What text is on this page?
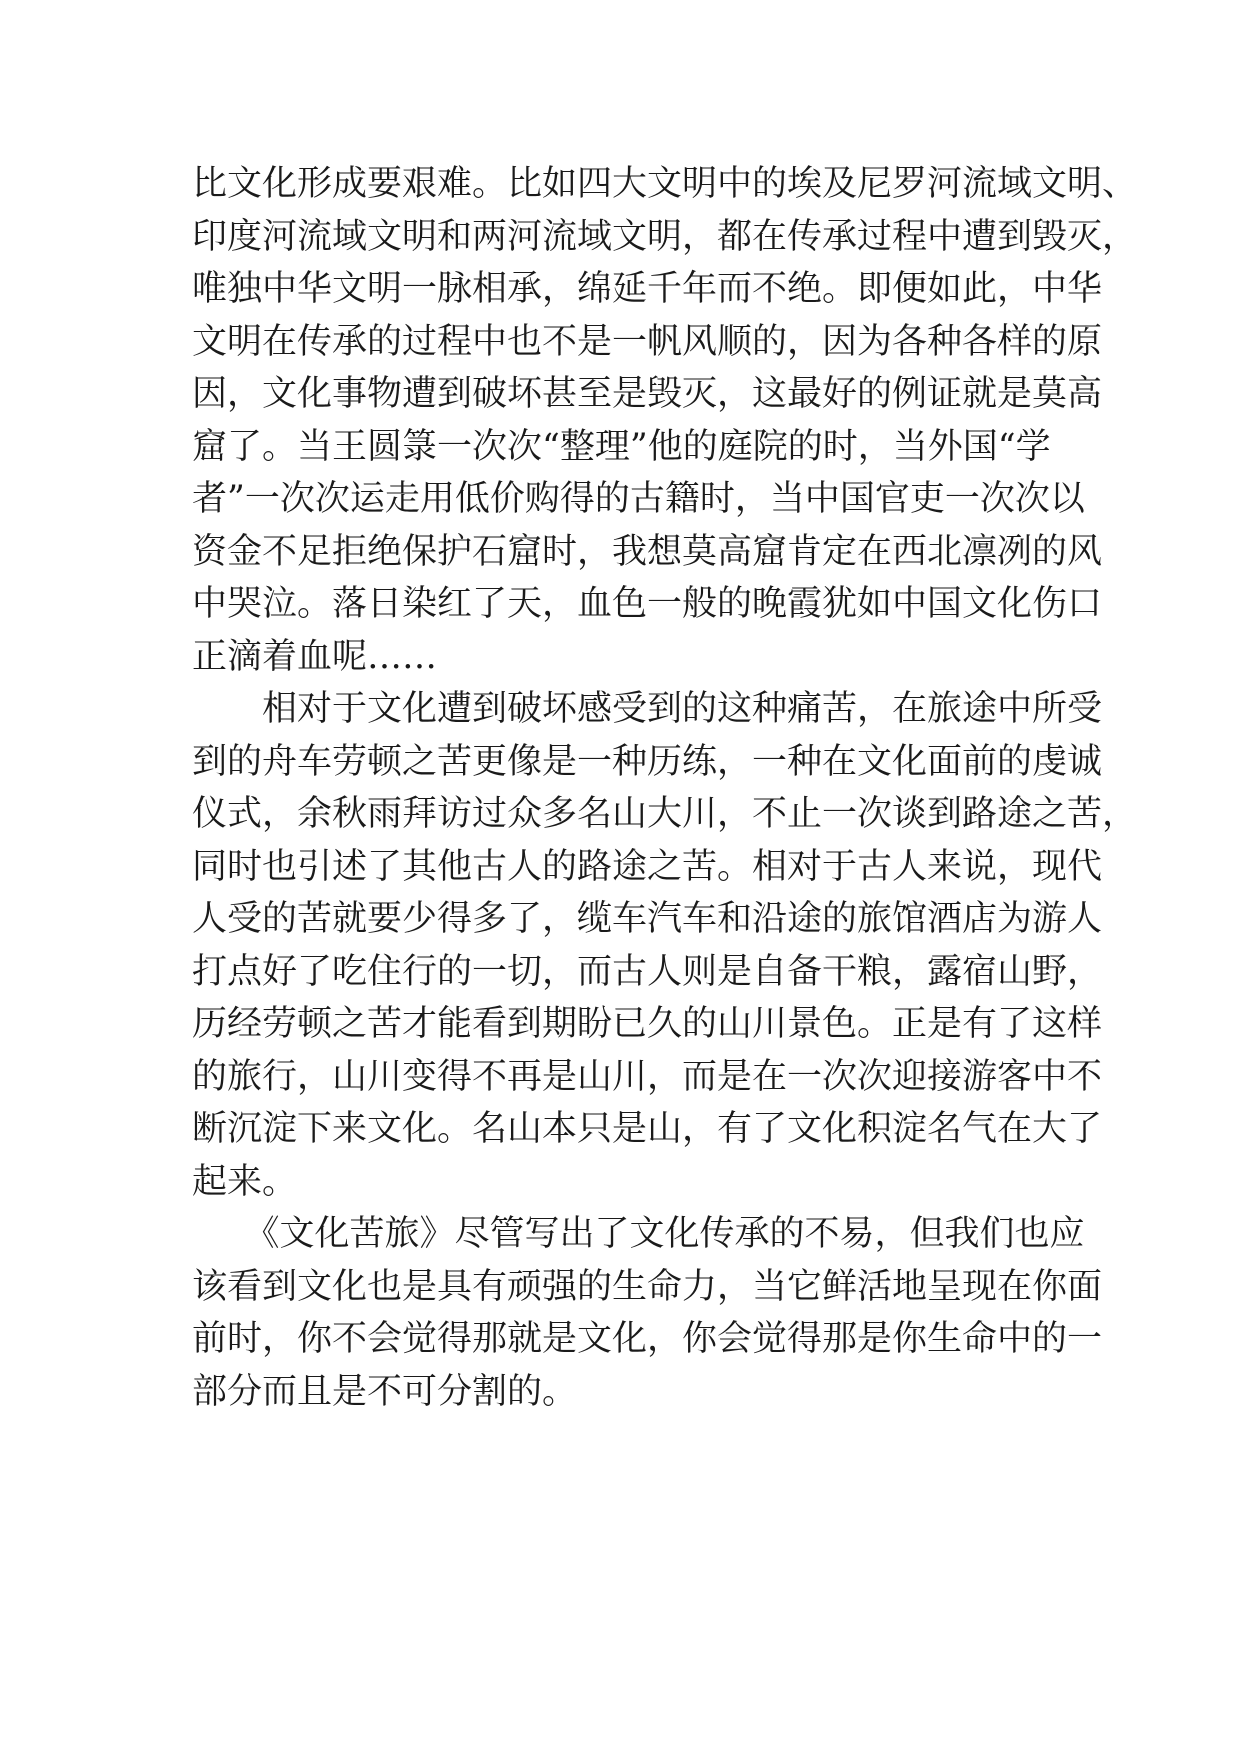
比文化形成要艰难。比如四大文明中的埃及尼罗河流域文明、
印度河流域文明和两河流域文明，都在传承过程中遭到毁灭，
唯独中华文明一脉相承，绵延千年而不绝。即便如此，中华
文明在传承的过程中也不是一帆风顺的，因为各种各样的原
因，文化事物遭到破坏甚至是毁灭，这最好的例证就是莫高
窟了。当王圆箓一次次“整理”他的庭院的时，当外国“学
者”一次次运走用低价购得的古籍时，当中国官吏一次次以
资金不足拒绝保护石窟时，我想莫高窟肯定在西北凛冽的风
中哭泣。落日染红了天，血色一般的晚霞犹如中国文化伤口
正滴着血呢……
　　相对于文化遭到破坏感受到的这种痛苦，在旅途中所受
到的舟车劳顿之苦更像是一种历练，一种在文化面前的虔诚
仪式，余秋雨拜访过众多名山大川，不止一次谈到路途之苦，
同时也引述了其他古人的路途之苦。相对于古人来说，现代
人受的苦就要少得多了，缆车汽车和沿途的旅馆酒店为游人
打点好了吃住行的一切，而古人则是自备干粮，露宿山野，
历经劳顿之苦才能看到期盼已久的山川景色。正是有了这样
的旅行，山川变得不再是山川，而是在一次次迎接游客中不
断沉淀下来文化。名山本只是山，有了文化积淀名气在大了
起来。
　　《文化苦旅》尽管写出了文化传承的不易，但我们也应
该看到文化也是具有顽强的生命力，当它鲜活地呈现在你面
前时，你不会觉得那就是文化，你会觉得那是你生命中的一
部分而且是不可分割的。
